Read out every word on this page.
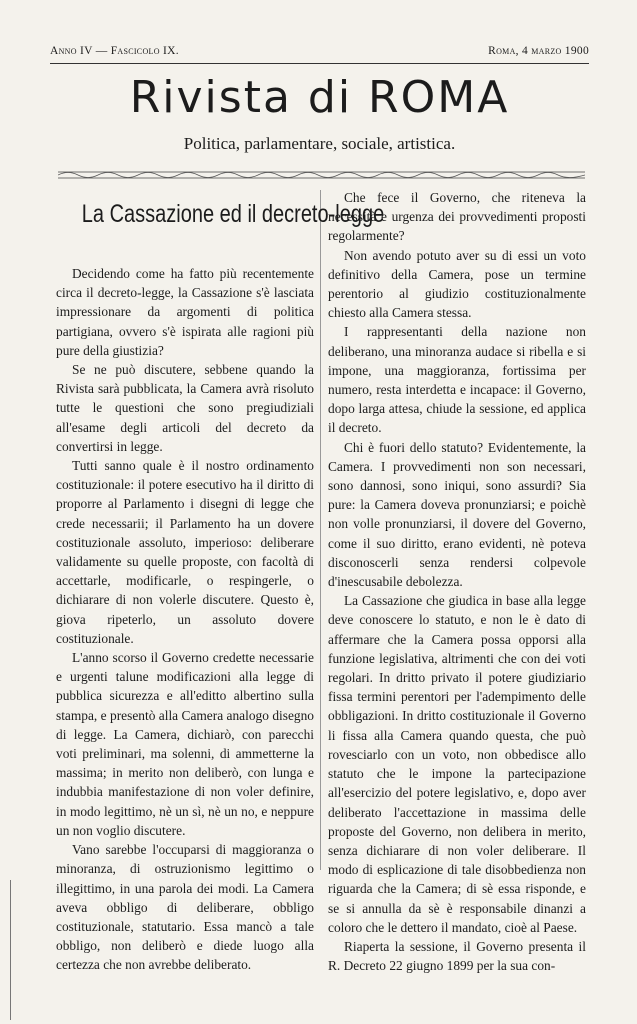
Anno IV — Fascicolo IX.	Roma, 4 marzo 1900
Rivista di ROMA
Politica, parlamentare, sociale, artistica.
La Cassazione ed il decreto-legge

Decidendo come ha fatto più recentemente circa il decreto-legge, la Cassazione s'è lasciata impressionare da argomenti di politica partigiana, ovvero s'è ispirata alle ragioni più pure della giustizia?

Se ne può discutere, sebbene quando la Rivista sarà pubblicata, la Camera avrà risoluto tutte le questioni che sono pregiudiziali all'esame degli articoli del decreto da convertirsi in legge.

Tutti sanno quale è il nostro ordinamento costituzionale: il potere esecutivo ha il diritto di proporre al Parlamento i disegni di legge che crede necessarii; il Parlamento ha un dovere costituzionale assoluto, imperioso: deliberare validamente su quelle proposte, con facoltà di accettarle, modificarle, o respingerle, o dichiarare di non volerle discutere. Questo è, giova ripeterlo, un assoluto dovere costituzionale.

L'anno scorso il Governo credette necessarie e urgenti talune modificazioni alla legge di pubblica sicurezza e all'editto albertino sulla stampa, e presentò alla Camera analogo disegno di legge. La Camera, dichiarò, con parecchi voti preliminari, ma solenni, di ammetterne la massima; in merito non deliberò, con lunga e indubbia manifestazione di non voler definire, in modo legittimo, nè un sì, nè un no, e neppure un non voglio discutere.

Vano sarebbe l'occuparsi di maggioranza o minoranza, di ostruzionismo legittimo o illegittimo, in una parola dei modi. La Camera aveva obbligo di deliberare, obbligo costituzionale, statutario. Essa mancò a tale obbligo, non deliberò e diede luogo alla certezza che non avrebbe deliberato.

Che fece il Governo, che riteneva la necessità e urgenza dei provvedimenti proposti regolarmente?

Non avendo potuto aver su di essi un voto definitivo della Camera, pose un termine perentorio al giudizio costituzionalmente chiesto alla Camera stessa.

I rappresentanti della nazione non deliberano, una minoranza audace si ribella e si impone, una maggioranza, fortissima per numero, resta interdetta e incapace: il Governo, dopo larga attesa, chiude la sessione, ed applica il decreto.

Chi è fuori dello statuto? Evidentemente, la Camera. I provvedimenti non son necessari, sono dannosi, sono iniqui, sono assurdi? Sia pure: la Camera doveva pronunziarsi; e poichè non volle pronunziarsi, il dovere del Governo, come il suo diritto, erano evidenti, nè poteva disconoscerli senza rendersi colpevole d'inescusabile debolezza.

La Cassazione che giudica in base alla legge deve conoscere lo statuto, e non le è dato di affermare che la Camera possa opporsi alla funzione legislativa, altrimenti che con dei voti regolari. In dritto privato il potere giudiziario fissa termini perentori per l'adempimento delle obbligazioni. In dritto costituzionale il Governo li fissa alla Camera quando questa, che può rovesciarlo con un voto, non obbedisce allo statuto che le impone la partecipazione all'esercizio del potere legislativo, e, dopo aver deliberato l'accettazione in massima delle proposte del Governo, non delibera in merito, senza dichiarare di non voler deliberare. Il modo di esplicazione di tale disobbedienza non riguarda che la Camera; di sè essa risponde, e se si annulla da sè è responsabile dinanzi a coloro che le dettero il mandato, cioè al Paese.

Riaperta la sessione, il Governo presenta il R. Decreto 22 giugno 1899 per la sua con-
